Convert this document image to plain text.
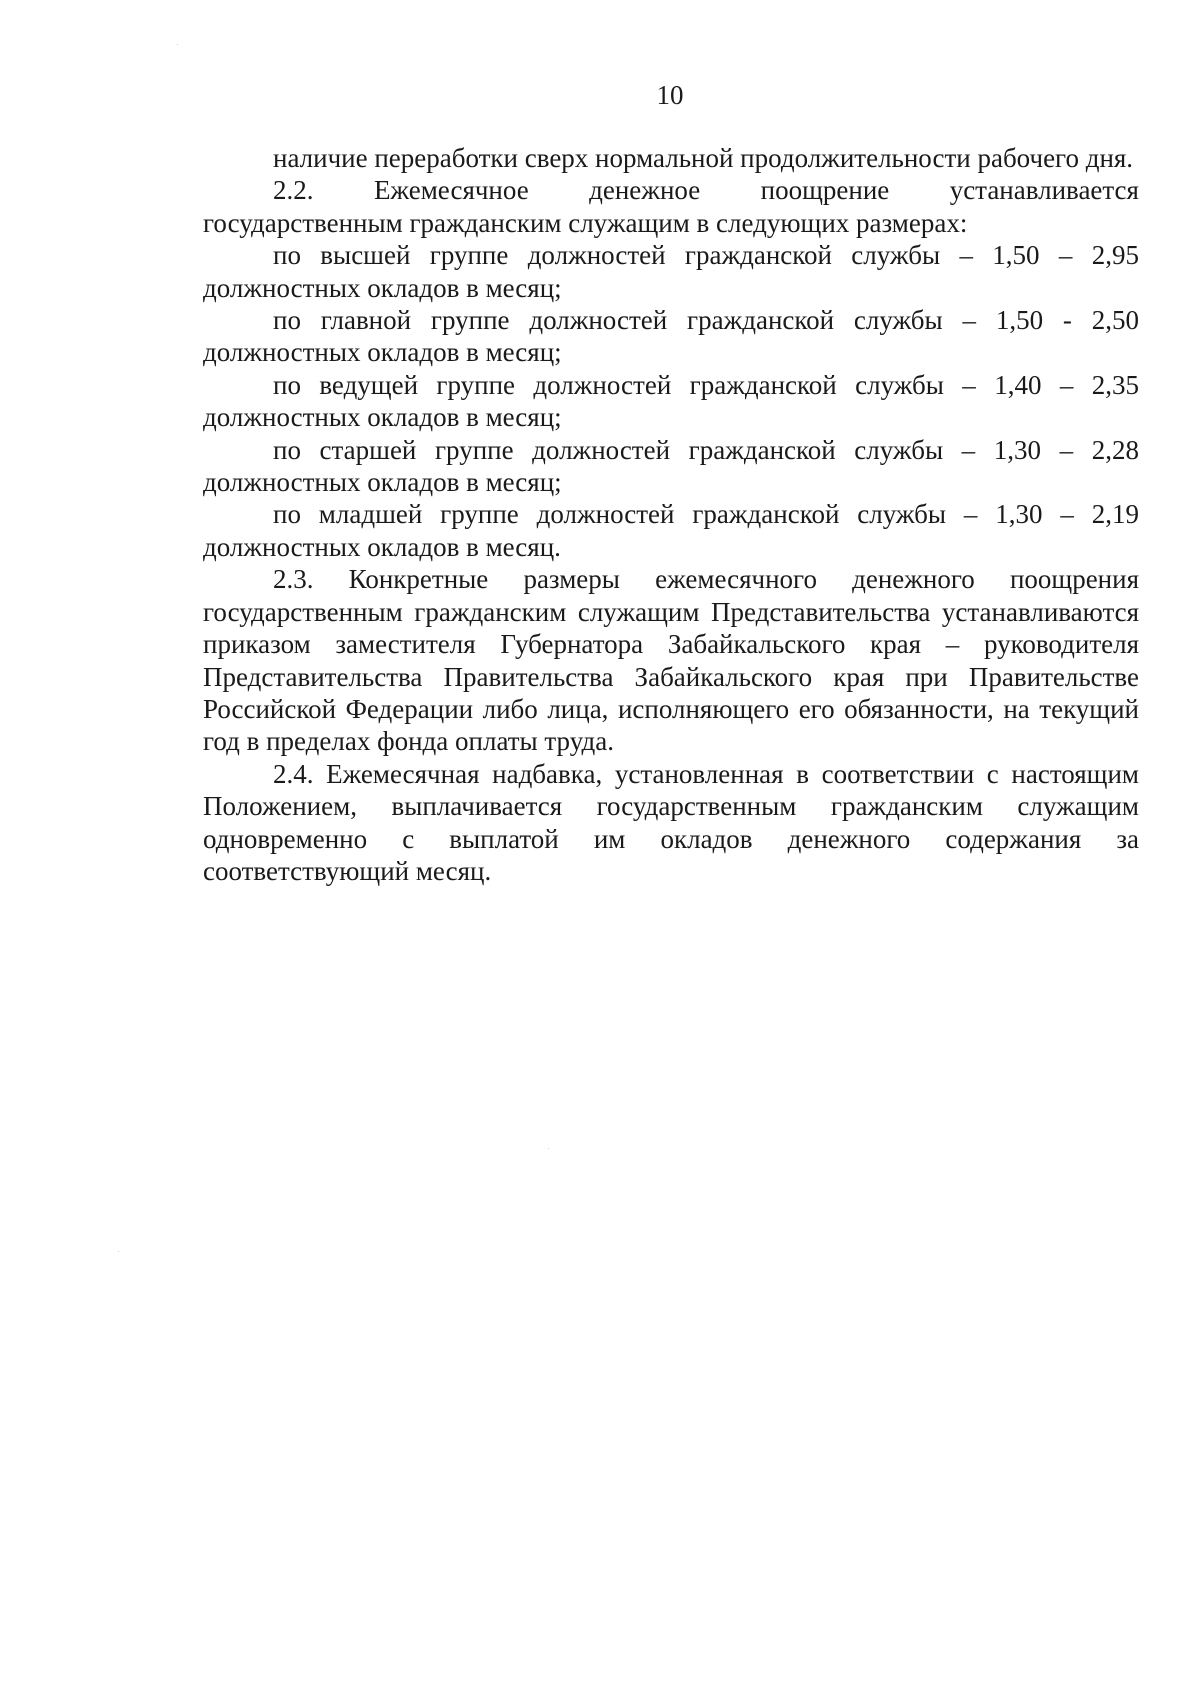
10

наличие переработки сверх нормальной продолжительности рабочего дня.

2.2. Ежемесячное денежное поощрение устанавливается
государственным гражданским служащим в следующих размерах:

по высшей группе должностей гражданской службы – 1,50 – 2,95 должностных окладов в месяц;

по главной группе должностей гражданской службы – 1,50 - 2,50 должностных окладов в месяц;

по ведущей группе должностей гражданской службы – 1,40 – 2,35 должностных окладов в месяц;

по старшей группе должностей гражданской службы – 1,30 – 2,28 должностных окладов в месяц;

по младшей группе должностей гражданской службы – 1,30 – 2,19 должностных окладов в месяц.

2.3. Конкретные размеры ежемесячного денежного поощрения государственным гражданским служащим Представительства устанавливаются приказом заместителя Губернатора Забайкальского края – руководителя Представительства Правительства Забайкальского края при Правительстве Российской Федерации либо лица, исполняющего его обязанности, на текущий год в пределах фонда оплаты труда.

2.4. Ежемесячная надбавка, установленная в соответствии с настоящим Положением, выплачивается государственным гражданским служащим одновременно с выплатой им окладов денежного содержания за соответствующий месяц.
